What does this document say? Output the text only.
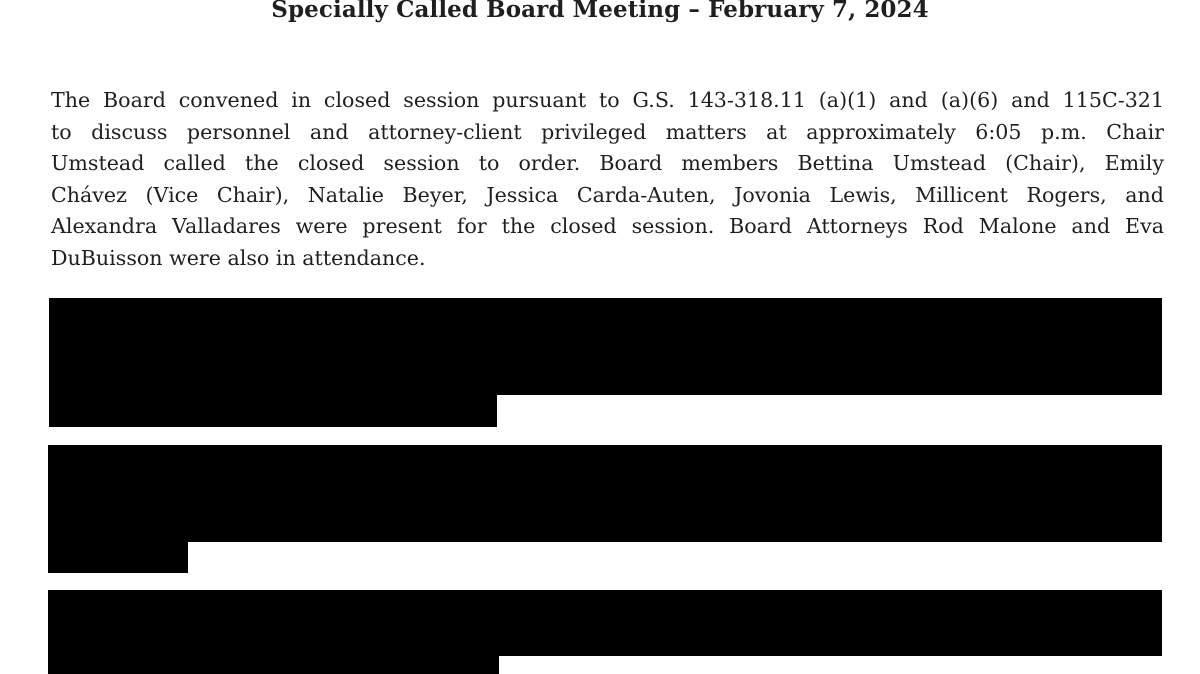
Specially Called Board Meeting – February 7, 2024
The Board convened in closed session pursuant to G.S. 143-318.11 (a)(1) and (a)(6) and 115C-321
to discuss personnel and attorney-client privileged matters at approximately 6:05 p.m. Chair
Umstead called the closed session to order. Board members Bettina Umstead (Chair), Emily
Chávez (Vice Chair), Natalie Beyer, Jessica Carda-Auten, Jovonia Lewis, Millicent Rogers, and
Alexandra Valladares were present for the closed session. Board Attorneys Rod Malone and Eva
DuBuisson were also in attendance.
